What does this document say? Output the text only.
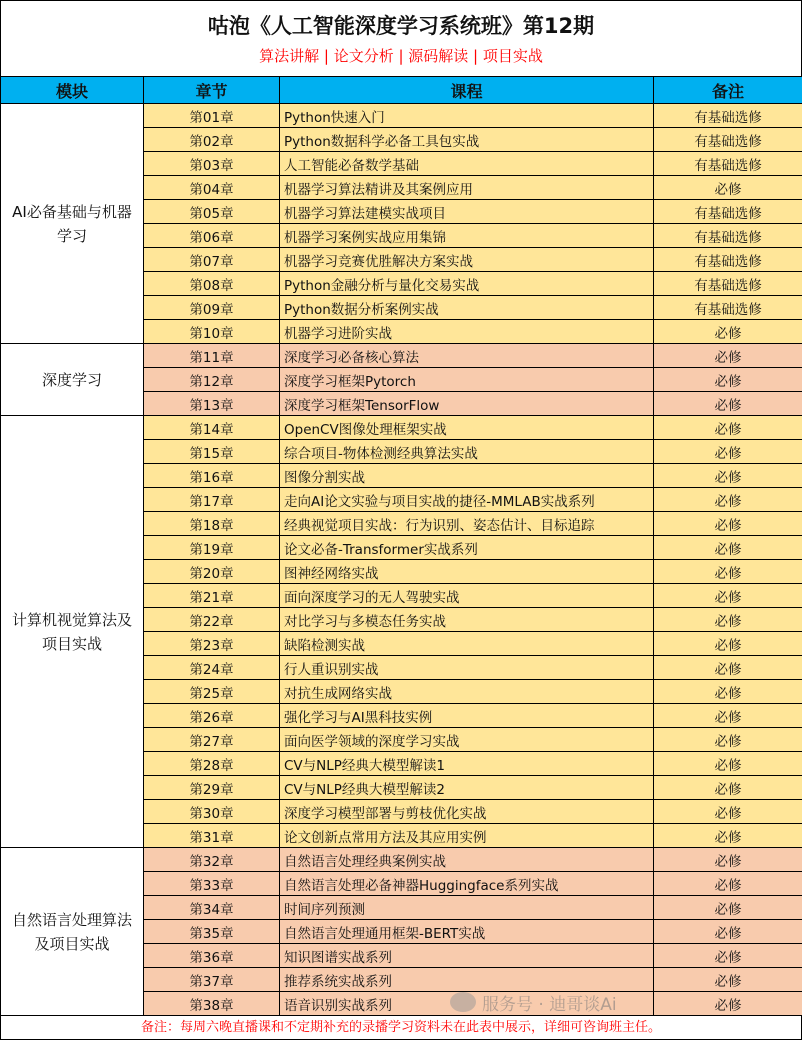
咕泡《人工智能深度学习系统班》第12期
算法讲解 | 论文分析 | 源码解读 | 项目实战
模块	章节	课程	备注
AI必备基础与机器学习	第01章	Python快速入门	有基础选修
	第02章	Python数据科学必备工具包实战	有基础选修
	第03章	人工智能必备数学基础	有基础选修
	第04章	机器学习算法精讲及其案例应用	必修
	第05章	机器学习算法建模实战项目	有基础选修
	第06章	机器学习案例实战应用集锦	有基础选修
	第07章	机器学习竞赛优胜解决方案实战	有基础选修
	第08章	Python金融分析与量化交易实战	有基础选修
	第09章	Python数据分析案例实战	有基础选修
	第10章	机器学习进阶实战	必修
深度学习	第11章	深度学习必备核心算法	必修
	第12章	深度学习框架Pytorch	必修
	第13章	深度学习框架TensorFlow	必修
计算机视觉算法及项目实战	第14章	OpenCV图像处理框架实战	必修
	第15章	综合项目-物体检测经典算法实战	必修
	第16章	图像分割实战	必修
	第17章	走向AI论文实验与项目实战的捷径-MMLAB实战系列	必修
	第18章	经典视觉项目实战：行为识别、姿态估计、目标追踪	必修
	第19章	论文必备-Transformer实战系列	必修
	第20章	图神经网络实战	必修
	第21章	面向深度学习的无人驾驶实战	必修
	第22章	对比学习与多模态任务实战	必修
	第23章	缺陷检测实战	必修
	第24章	行人重识别实战	必修
	第25章	对抗生成网络实战	必修
	第26章	强化学习与AI黑科技实例	必修
	第27章	面向医学领域的深度学习实战	必修
	第28章	CV与NLP经典大模型解读1	必修
	第29章	CV与NLP经典大模型解读2	必修
	第30章	深度学习模型部署与剪枝优化实战	必修
	第31章	论文创新点常用方法及其应用实例	必修
自然语言处理算法及项目实战	第32章	自然语言处理经典案例实战	必修
	第33章	自然语言处理必备神器Huggingface系列实战	必修
	第34章	时间序列预测	必修
	第35章	自然语言处理通用框架-BERT实战	必修
	第36章	知识图谱实战系列	必修
	第37章	推荐系统实战系列	必修
	第38章	语音识别实战系列	必修
服务号 · 迪哥谈Ai
备注：每周六晚直播课和不定期补充的录播学习资料未在此表中展示，详细可咨询班主任。
